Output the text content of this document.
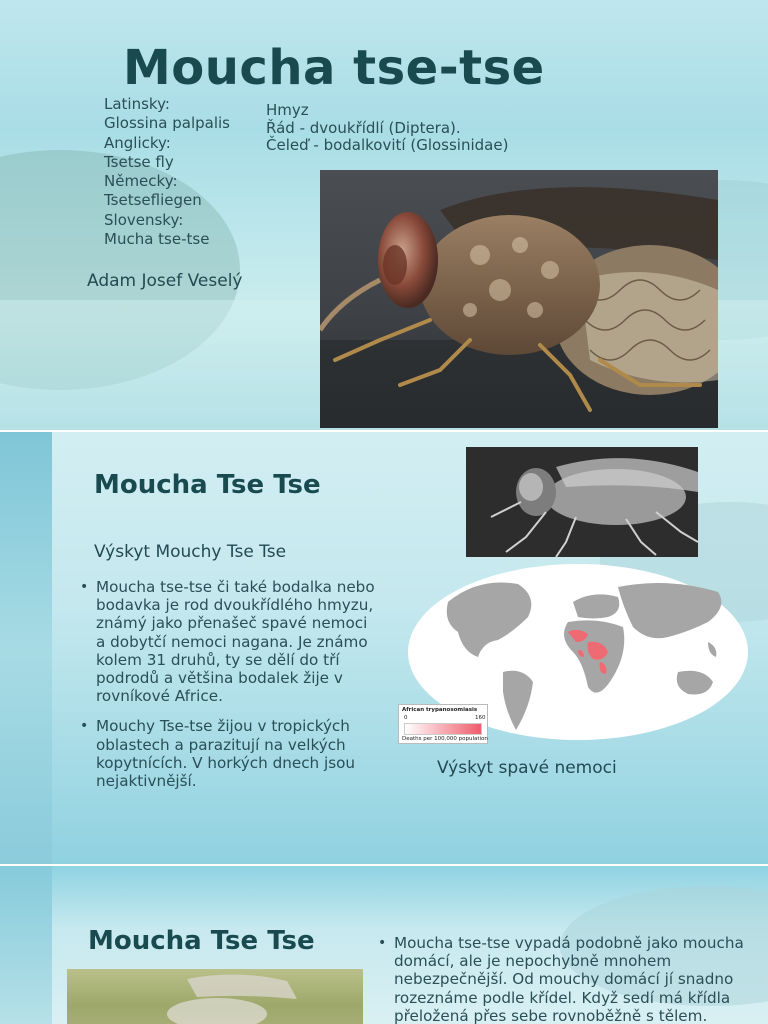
Moucha tse-tse
Latinsky:
Glossina palpalis
Anglicky:
Tsetse fly
Německy:
Tsetsefliegen
Slovensky:
Mucha tse-tse
Hmyz
Řád - dvoukřídlí (Diptera).
Čeleď - bodalkovití (Glossinidae)
Adam Josef Veselý
Moucha Tse Tse
Výskyt Mouchy Tse Tse
• Moucha tse-tse či také bodalka nebo bodavka je rod dvoukřídlého hmyzu, známý jako přenašeč spavé nemoci a dobytčí nemoci nagana. Je známo kolem 31 druhů, ty se dělí do tří podrodů a většina bodalek žije v rovníkové Africe.
• Mouchy Tse-tse žijou v tropických oblastech a parazitují na velkých kopytnících. V horkých dnech jsou nejaktivnější.
African trypanosomiasis
0	160
Deaths per 100,000 population
Výskyt spavé nemoci
Moucha Tse Tse
•	Moucha tse-tse vypadá podobně jako moucha domácí, ale je nepochybně mnohem nebezpečnější. Od mouchy domácí jí snadno rozeznáme podle křídel. Když sedí má křídla přeložená přes sebe rovnoběžně s tělem.
